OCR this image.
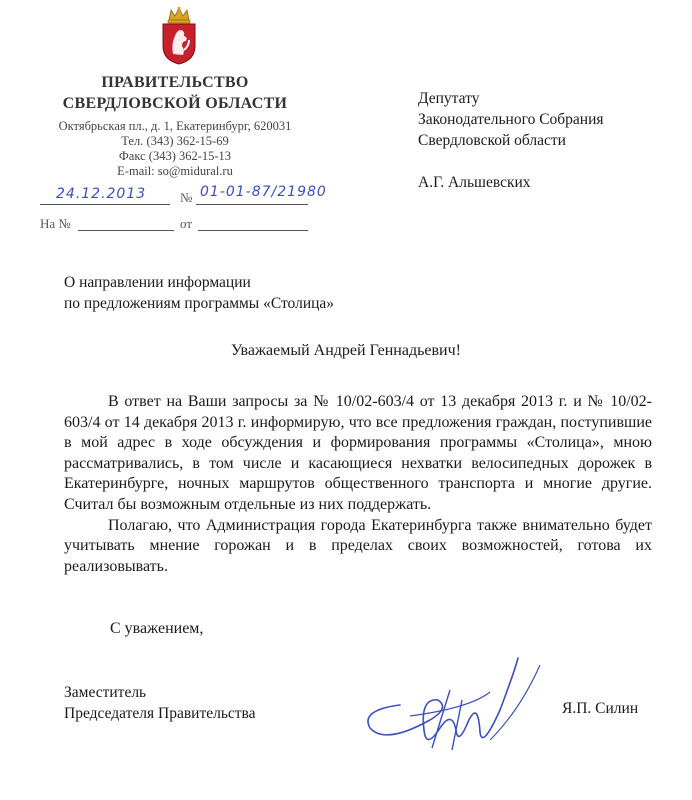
ПРАВИТЕЛЬСТВО
СВЕРДЛОВСКОЙ ОБЛАСТИ
Октябрьская пл., д. 1, Екатеринбург, 620031
Тел. (343) 362-15-69
Факс (343) 362-15-13
E-mail: so@midural.ru
24.12.2013	№ 01-01-87/21980
На №	от
Депутату
Законодательного Собрания
Свердловской области
А.Г. Альшевских
О направлении информации
по предложениям программы «Столица»
Уважаемый Андрей Геннадьевич!

В ответ на Ваши запросы за № 10/02-603/4 от 13 декабря 2013 г. и № 10/02-603/4 от 14 декабря 2013 г. информирую, что все предложения граждан, поступившие в мой адрес в ходе обсуждения и формирования программы «Столица», мною рассматривались, в том числе и касающиеся нехватки велосипедных дорожек в Екатеринбурге, ночных маршрутов общественного транспорта и многие другие. Считал бы возможным отдельные из них поддержать.

Полагаю, что Администрация города Екатеринбурга также внимательно будет учитывать мнение горожан и в пределах своих возможностей, готова их реализовывать.

С уважением,
Заместитель
Председателя Правительства	Я.П. Силин
